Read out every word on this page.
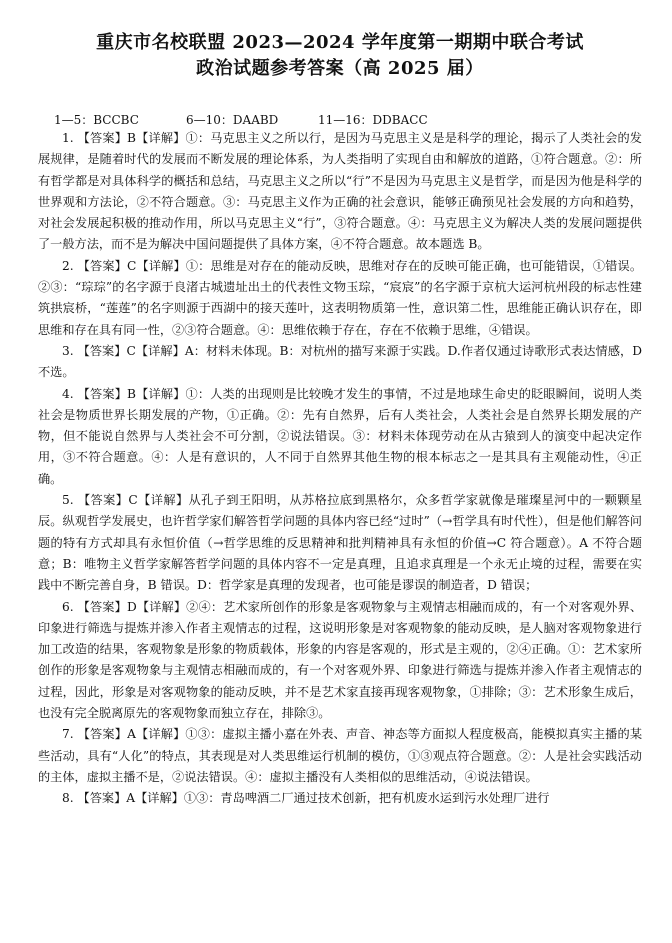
重庆市名校联盟 2023—2024 学年度第一期期中联合考试
政治试题参考答案（高 2025 届）
1—5：BCCBC	6—10：DAABD	11—16：DDBACC

1. 【答案】B【详解】①：马克思主义之所以行，是因为马克思主义是是科学的理论，揭示了人类社会的发展规律，是随着时代的发展而不断发展的理论体系，为人类指明了实现自由和解放的道路，①符合题意。②：所有哲学都是对具体科学的概括和总结，马克思主义之所以“行”不是因为马克思主义是哲学，而是因为他是科学的世界观和方法论，②不符合题意。③：马克思主义作为正确的社会意识，能够正确预见社会发展的方向和趋势，对社会发展起积极的推动作用，所以马克思主义“行”，③符合题意。④：马克思主义为解决人类的发展问题提供了一般方法，而不是为解决中国问题提供了具体方案，④不符合题意。故本题选 B。

2. 【答案】C【详解】①：思维是对存在的能动反映，思维对存在的反映可能正确，也可能错误，①错误。②③：“琮琮”的名字源于良渚古城遗址出土的代表性文物玉琮，“宸宸”的名字源于京杭大运河杭州段的标志性建筑拱宸桥，“莲莲”的名字则源于西湖中的接天莲叶，这表明物质第一性，意识第二性，思维能正确认识存在，即思维和存在具有同一性，②③符合题意。④：思维依赖于存在，存在不依赖于思维，④错误。

3. 【答案】C【详解】A：材料未体现。B：对杭州的描写来源于实践。D.作者仅通过诗歌形式表达情感，D 不选。

4. 【答案】B【详解】①：人类的出现则是比较晚才发生的事情，不过是地球生命史的眨眼瞬间，说明人类社会是物质世界长期发展的产物，①正确。②：先有自然界，后有人类社会，人类社会是自然界长期发展的产物，但不能说自然界与人类社会不可分割，②说法错误。③：材料未体现劳动在从古猿到人的演变中起决定作用，③不符合题意。④：人是有意识的，人不同于自然界其他生物的根本标志之一是其具有主观能动性，④正确。

5. 【答案】C【详解】从孔子到王阳明，从苏格拉底到黑格尔，众多哲学家就像是璀璨星河中的一颗颗星辰。纵观哲学发展史，也许哲学家们解答哲学问题的具体内容已经“过时”（→哲学具有时代性），但是他们解答问题的特有方式却具有永恒价值（→哲学思维的反思精神和批判精神具有永恒的价值→C 符合题意）。A 不符合题意；B：唯物主义哲学家解答哲学问题的具体内容不一定是真理，且追求真理是一个永无止境的过程，需要在实践中不断完善自身，B 错误。D：哲学家是真理的发现者，也可能是谬误的制造者，D 错误；

6. 【答案】D【详解】②④：艺术家所创作的形象是客观物象与主观情志相融而成的，有一个对客观外界、印象进行筛选与提炼并渗入作者主观情志的过程，这说明形象是对客观物象的能动反映，是人脑对客观物象进行加工改造的结果，客观物象是形象的物质载体，形象的内容是客观的，形式是主观的，②④正确。①：艺术家所创作的形象是客观物象与主观情志相融而成的，有一个对客观外界、印象进行筛选与提炼并渗入作者主观情志的过程，因此，形象是对客观物象的能动反映，并不是艺术家直接再现客观物象，①排除；③：艺术形象生成后，也没有完全脱离原先的客观物象而独立存在，排除③。

7. 【答案】A【详解】①③：虚拟主播小嘉在外表、声音、神态等方面拟人程度极高，能模拟真实主播的某些活动，具有“人化”的特点，其表现是对人类思维运行机制的模仿，①③观点符合题意。②：人是社会实践活动的主体，虚拟主播不是，②说法错误。④：虚拟主播没有人类相似的思维活动，④说法错误。

8. 【答案】A【详解】①③：青岛啤酒二厂通过技术创新，把有机废水运到污水处理厂进行
